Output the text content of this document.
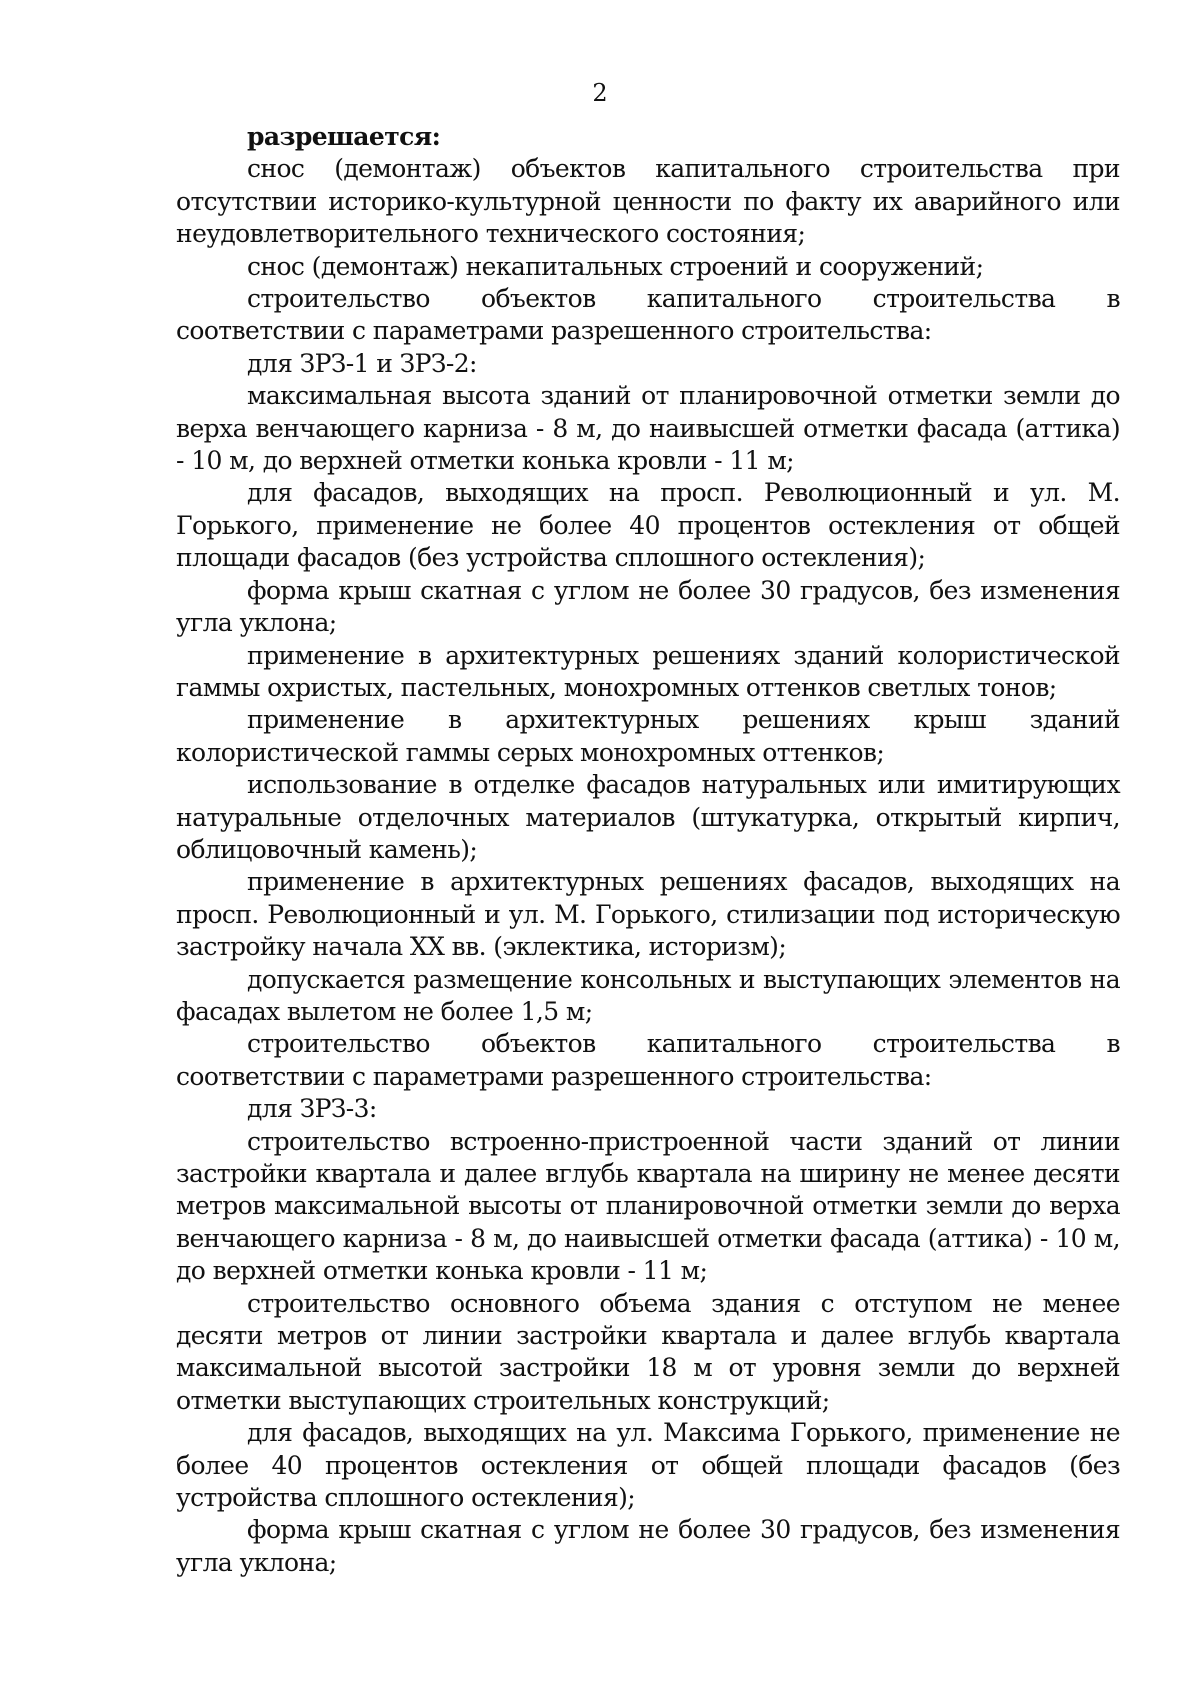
2

разрешается:

снос (демонтаж) объектов капитального строительства при отсутствии историко-культурной ценности по факту их аварийного или неудовлетворительного технического состояния;

снос (демонтаж) некапитальных строений и сооружений;

строительство объектов капитального строительства в соответствии с параметрами разрешенного строительства:

для ЗРЗ-1 и ЗРЗ-2:

максимальная высота зданий от планировочной отметки земли до верха венчающего карниза - 8 м, до наивысшей отметки фасада (аттика) - 10 м, до верхней отметки конька кровли - 11 м;

для фасадов, выходящих на просп. Революционный и ул. М. Горького, применение не более 40 процентов остекления от общей площади фасадов (без устройства сплошного остекления);

форма крыш скатная с углом не более 30 градусов, без изменения угла уклона;

применение в архитектурных решениях зданий колористической гаммы охристых, пастельных, монохромных оттенков светлых тонов;

применение в архитектурных решениях крыш зданий колористической гаммы серых монохромных оттенков;

использование в отделке фасадов натуральных или имитирующих натуральные отделочных материалов (штукатурка, открытый кирпич, облицовочный камень);

применение в архитектурных решениях фасадов, выходящих на просп. Революционный и ул. М. Горького, стилизации под историческую застройку начала XX вв. (эклектика, историзм);

допускается размещение консольных и выступающих элементов на фасадах вылетом не более 1,5 м;

строительство объектов капитального строительства в соответствии с параметрами разрешенного строительства:

для ЗРЗ-3:

строительство встроенно-пристроенной части зданий от линии застройки квартала и далее вглубь квартала на ширину не менее десяти метров максимальной высоты от планировочной отметки земли до верха венчающего карниза - 8 м, до наивысшей отметки фасада (аттика) - 10 м, до верхней отметки конька кровли - 11 м;

строительство основного объема здания с отступом не менее десяти метров от линии застройки квартала и далее вглубь квартала максимальной высотой застройки 18 м от уровня земли до верхней отметки выступающих строительных конструкций;

для фасадов, выходящих на ул. Максима Горького, применение не более 40 процентов остекления от общей площади фасадов (без устройства сплошного остекления);

форма крыш скатная с углом не более 30 градусов, без изменения угла уклона;
